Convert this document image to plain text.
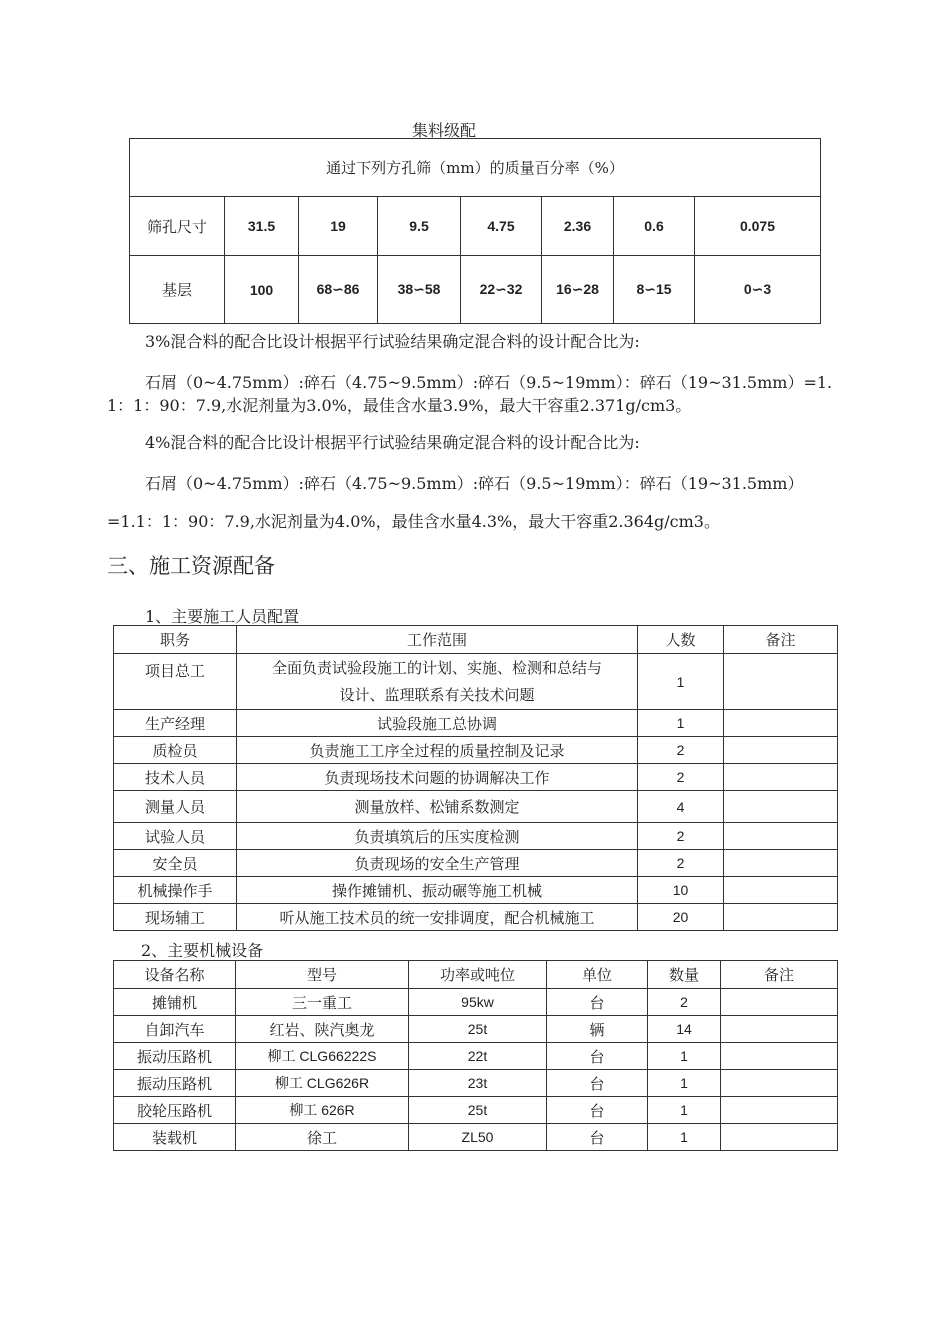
集料级配
通过下列方孔筛（mm）的质量百分率（%）							
筛孔尺寸	31.5	19	9.5	4.75	2.36	0.6	0.075
基层	100	68∽86	38∽58	22∽32	16∽28	8∽15	0∽3
3%混合料的配合比设计根据平行试验结果确定混合料的设计配合比为:
石屑（0~4.75mm）:碎石（4.75~9.5mm）:碎石（9.5~19mm）：碎石（19~31.5mm）=1.
1：1：90：7.9,水泥剂量为3.0%，最佳含水量3.9%，最大干容重2.371g/cm3。
4%混合料的配合比设计根据平行试验结果确定混合料的设计配合比为:
石屑（0~4.75mm）:碎石（4.75~9.5mm）:碎石（9.5~19mm）：碎石（19~31.5mm）
=1.1：1：90：7.9,水泥剂量为4.0%，最佳含水量4.3%，最大干容重2.364g/cm3。
三、施工资源配备
1、主要施工人员配置
职务	工作范围	人数	备注
项目总工	全面负责试验段施工的计划、实施、检测和总结与
设计、监理联系有关技术问题	1	
生产经理	试验段施工总协调	1	
质检员	负责施工工序全过程的质量控制及记录	2	
技术人员	负责现场技术问题的协调解决工作	2	
测量人员	测量放样、松铺系数测定	4	
试验人员	负责填筑后的压实度检测	2	
安全员	负责现场的安全生产管理	2	
机械操作手	操作摊铺机、振动碾等施工机械	10	
现场辅工	听从施工技术员的统一安排调度，配合机械施工	20	
2、主要机械设备
设备名称	型号	功率或吨位	单位	数量	备注
摊铺机	三一重工	95kw	台	2	
自卸汽车	红岩、陕汽奥龙	25t	辆	14	
振动压路机	柳工 CLG66222S	22t	台	1	
振动压路机	柳工 CLG626R	23t	台	1	
胶轮压路机	柳工 626R	25t	台	1	
装载机	徐工	ZL50	台	1	
